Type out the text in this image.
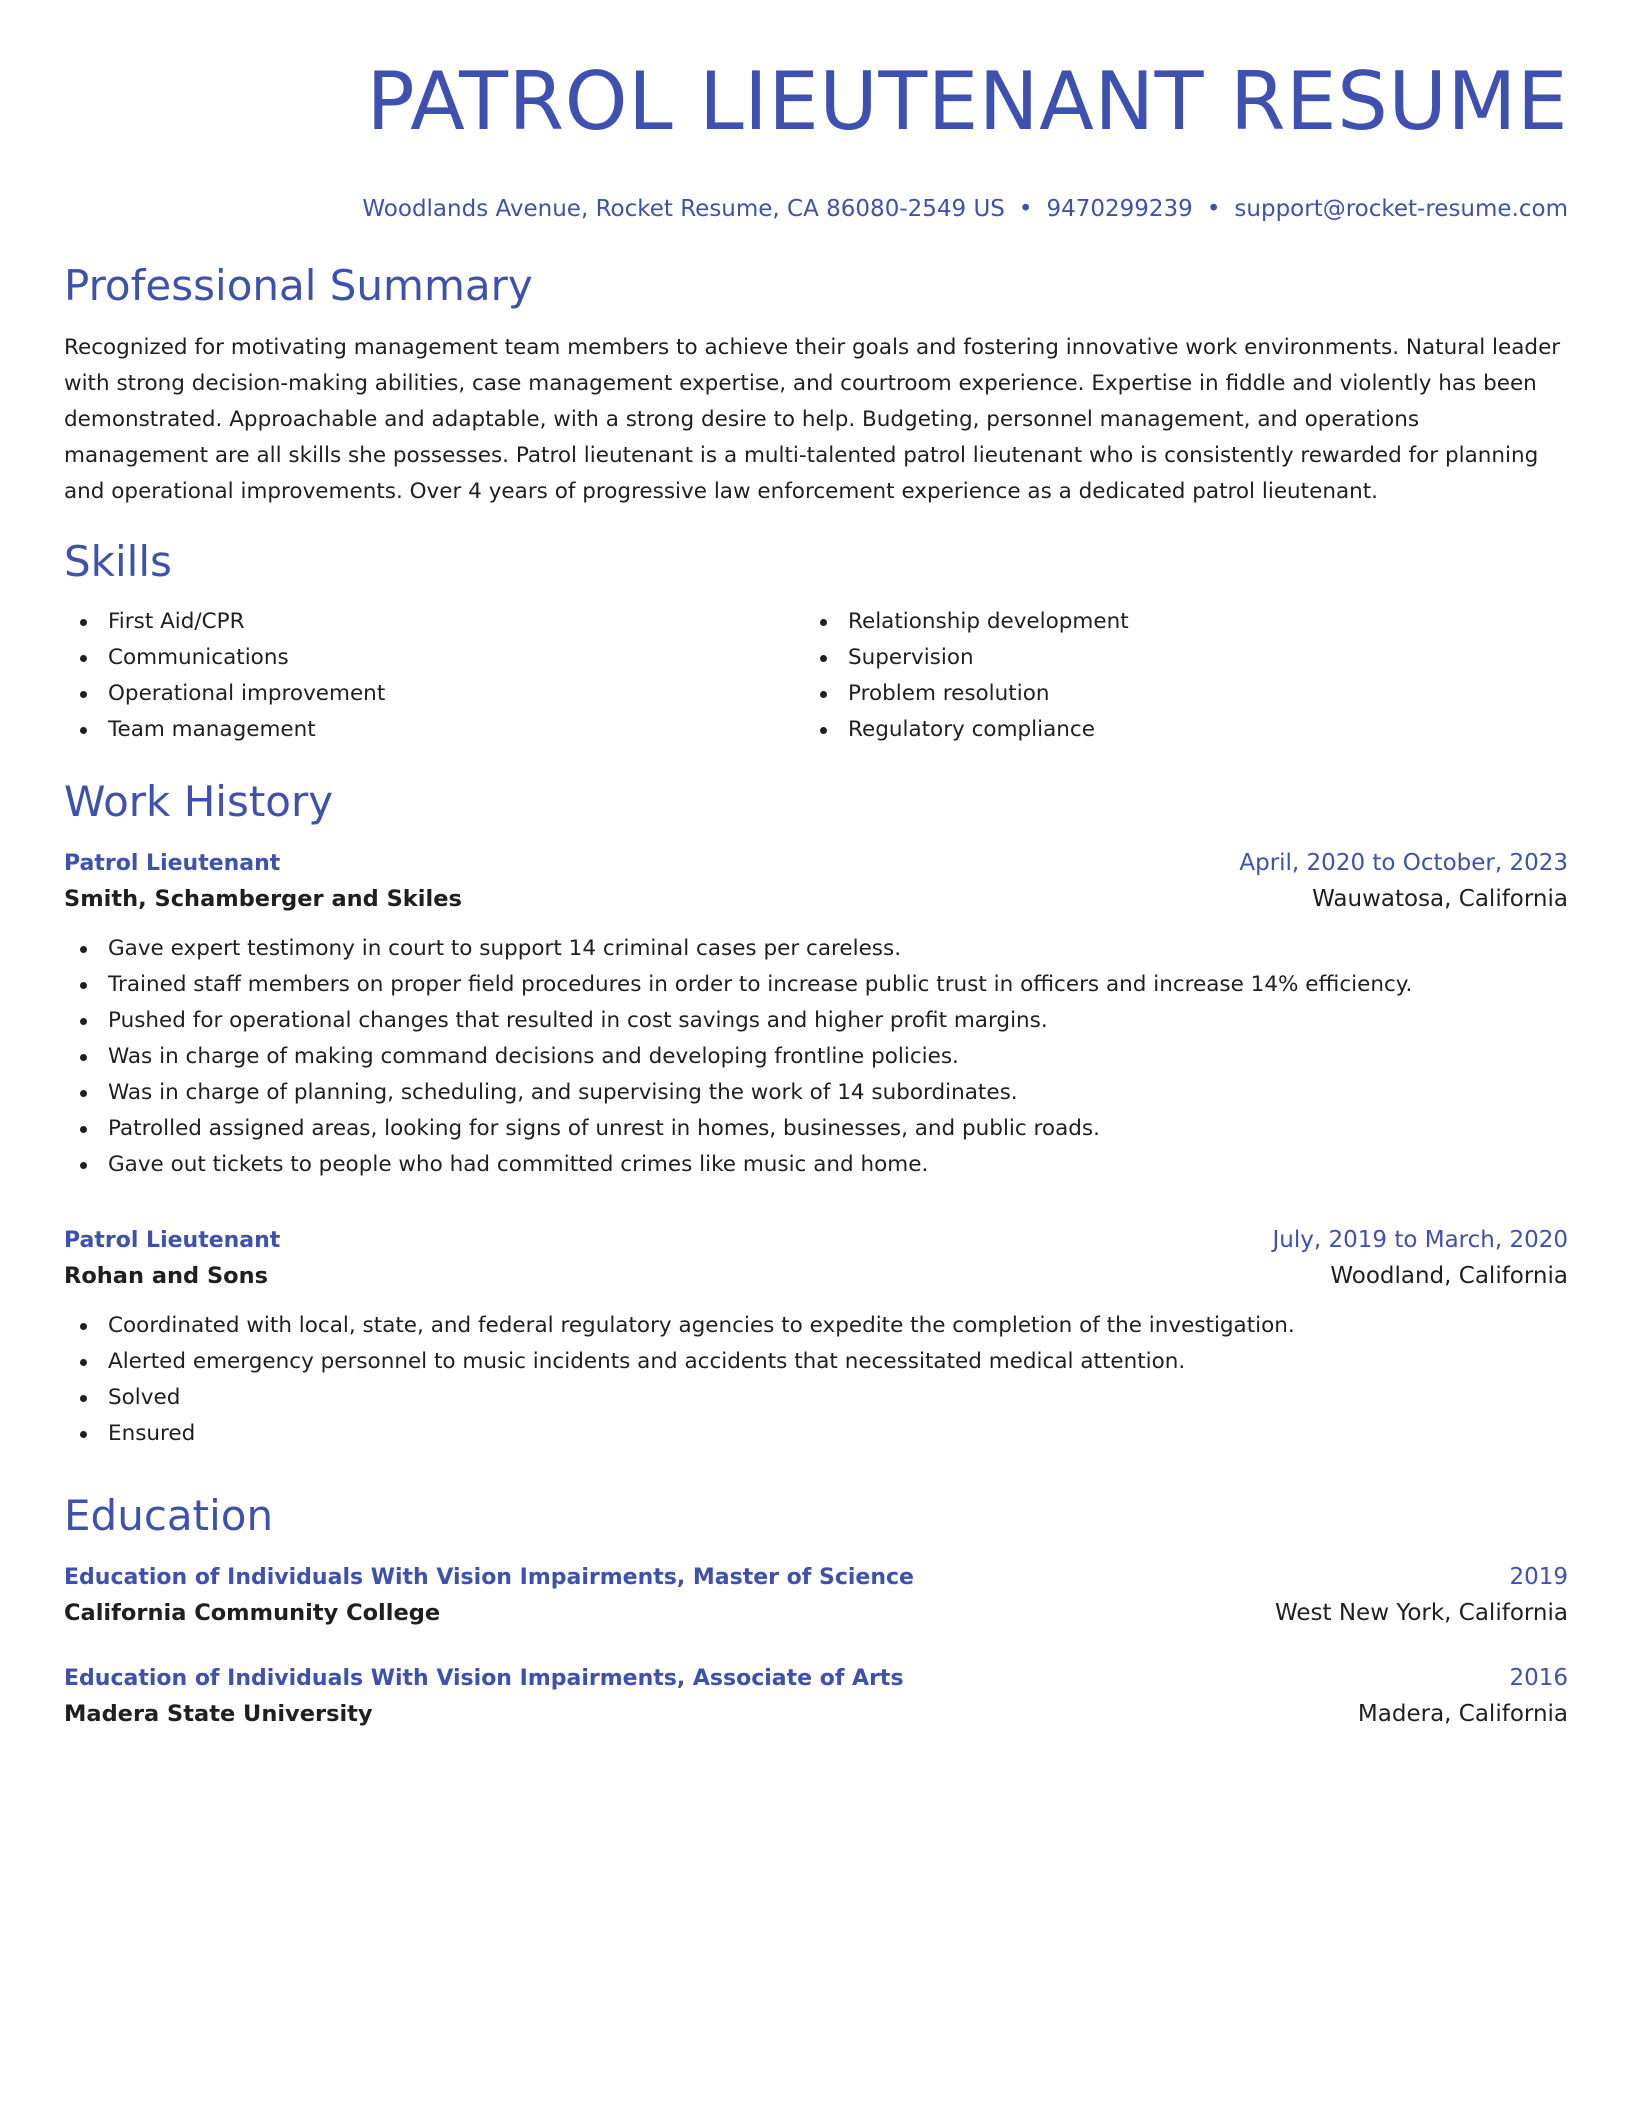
PATROL LIEUTENANT RESUME
Woodlands Avenue, Rocket Resume, CA 86080-2549 US • 9470299239 • support@rocket-resume.com
Professional Summary

Recognized for motivating management team members to achieve their goals and fostering innovative work environments. Natural leader with strong decision-making abilities, case management expertise, and courtroom experience. Expertise in fiddle and violently has been demonstrated. Approachable and adaptable, with a strong desire to help. Budgeting, personnel management, and operations management are all skills she possesses. Patrol lieutenant is a multi-talented patrol lieutenant who is consistently rewarded for planning and operational improvements. Over 4 years of progressive law enforcement experience as a dedicated patrol lieutenant.

Skills
First Aid/CPR
Communications
Operational improvement
Team management
Relationship development
Supervision
Problem resolution
Regulatory compliance
Work History
Patrol Lieutenant	April, 2020 to October, 2023
Smith, Schamberger and Skiles	Wauwatosa, California
Gave expert testimony in court to support 14 criminal cases per careless.
Trained staff members on proper field procedures in order to increase public trust in officers and increase 14% efficiency.
Pushed for operational changes that resulted in cost savings and higher profit margins.
Was in charge of making command decisions and developing frontline policies.
Was in charge of planning, scheduling, and supervising the work of 14 subordinates.
Patrolled assigned areas, looking for signs of unrest in homes, businesses, and public roads.
Gave out tickets to people who had committed crimes like music and home.
Patrol Lieutenant	July, 2019 to March, 2020
Rohan and Sons	Woodland, California
Coordinated with local, state, and federal regulatory agencies to expedite the completion of the investigation.
Alerted emergency personnel to music incidents and accidents that necessitated medical attention.
Solved
Ensured
Education
Education of Individuals With Vision Impairments, Master of Science	2019
California Community College	West New York, California
Education of Individuals With Vision Impairments, Associate of Arts	2016
Madera State University	Madera, California
